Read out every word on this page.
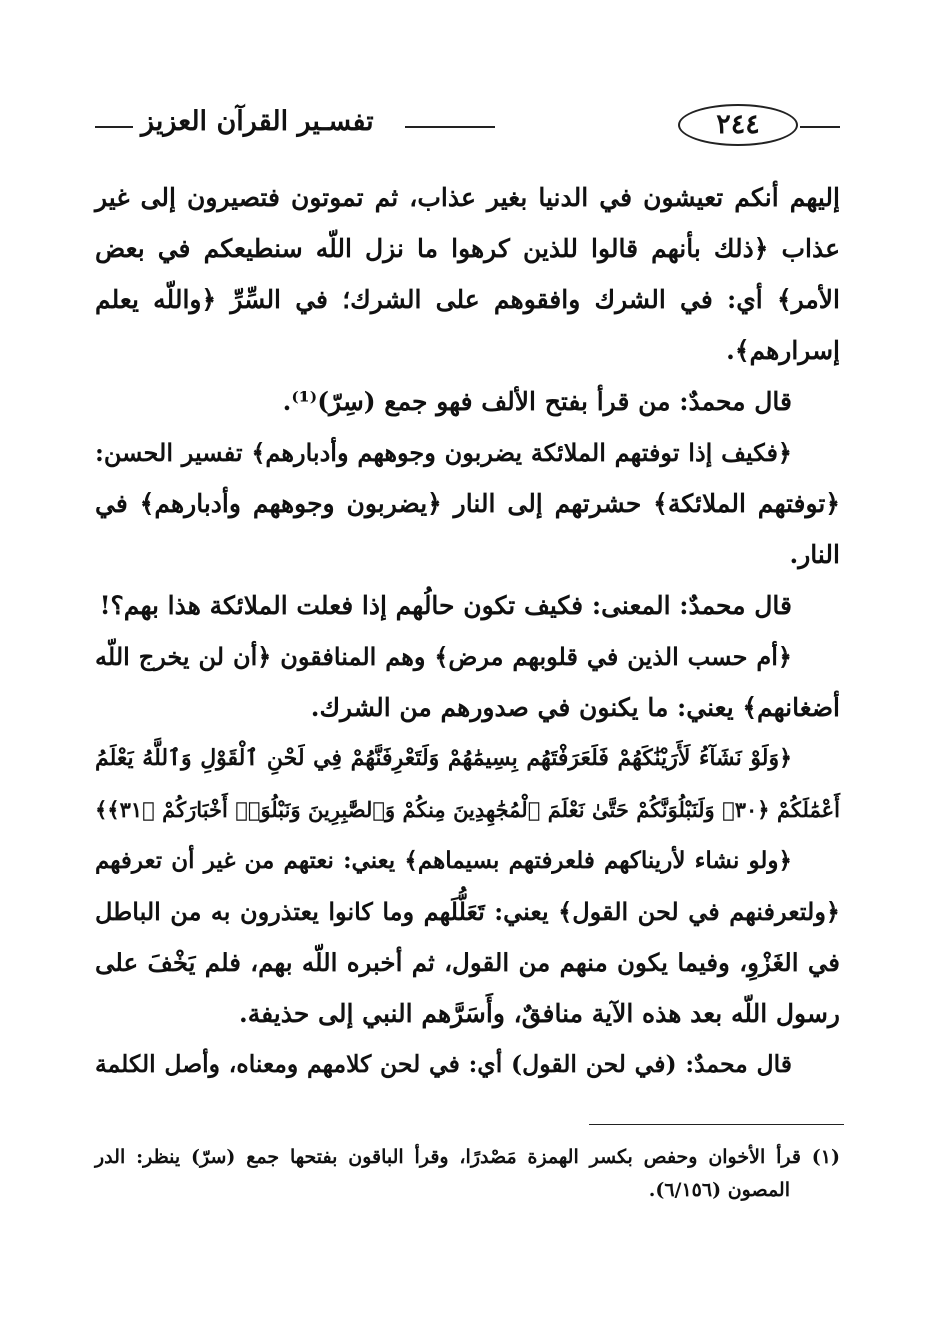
٢٤٤
تفسـير القرآن العزيز
إليهم أنكم تعيشون في الدنيا بغير عذاب، ثم تموتون فتصيرون إلى غير
عذاب ﴿ذلك بأنهم قالوا للذين كرهوا ما نزل اللّه سنطيعكم في بعض
الأمر﴾ أي: في الشرك وافقوهم على الشرك؛ في السِّرِّ ﴿واللّه يعلم
إسرارهم﴾.
قال محمدٌ: من قرأ بفتح الألف فهو جمع (سِرّ)⁽¹⁾.
﴿فكيف إذا توفتهم الملائكة يضربون وجوههم وأدبارهم﴾ تفسير الحسن:
﴿توفتهم الملائكة﴾ حشرتهم إلى النار ﴿يضربون وجوههم وأدبارهم﴾ في
النار.
قال محمدٌ: المعنى: فكيف تكون حالُهم إذا فعلت الملائكة هذا بهم؟!
﴿أم حسب الذين في قلوبهم مرض﴾ وهم المنافقون ﴿أن لن يخرج اللّه
أضغانهم﴾ يعني: ما يكنون في صدورهم من الشرك.
﴿وَلَوْ نَشَآءُ لَأَرَيْنَٰكَهُمْ فَلَعَرَفْتَهُم بِسِيمَٰهُمْ وَلَتَعْرِفَنَّهُمْ فِي لَحْنِ ٱلْقَوْلِ وَٱللَّهُ يَعْلَمُ
أَعْمَٰلَكُمْ ﴿٣٠﴾ وَلَنَبْلُوَنَّكُمْ حَتَّىٰ نَعْلَمَ ٱلْمُجَٰهِدِينَ مِنكُمْ وَٱلصَّٰبِرِينَ وَنَبْلُوَا۟ أَخْبَارَكُمْ ﴿٣١﴾﴾
﴿ولو نشاء لأريناكهم فلعرفتهم بسيماهم﴾ يعني: نعتهم من غير أن تعرفهم
﴿ولتعرفنهم في لحن القول﴾ يعني: تَعَلُّلَهم وما كانوا يعتذرون به من الباطل
في الغَزْوِ، وفيما يكون منهم من القول، ثم أخبره اللّه بهم، فلم يَخْفَ على
رسول اللّه بعد هذه الآية منافقٌ، وأَسَرَّهم النبي إلى حذيفة.
قال محمدٌ: (في لحن القول) أي: في لحن كلامهم ومعناه، وأصل الكلمة
(١) قرأ الأخوان وحفص بكسر الهمزة مَصْدرًا، وقرأ الباقون بفتحها جمع (سرّ) ينظر: الدر
المصون (٦/١٥٦).
